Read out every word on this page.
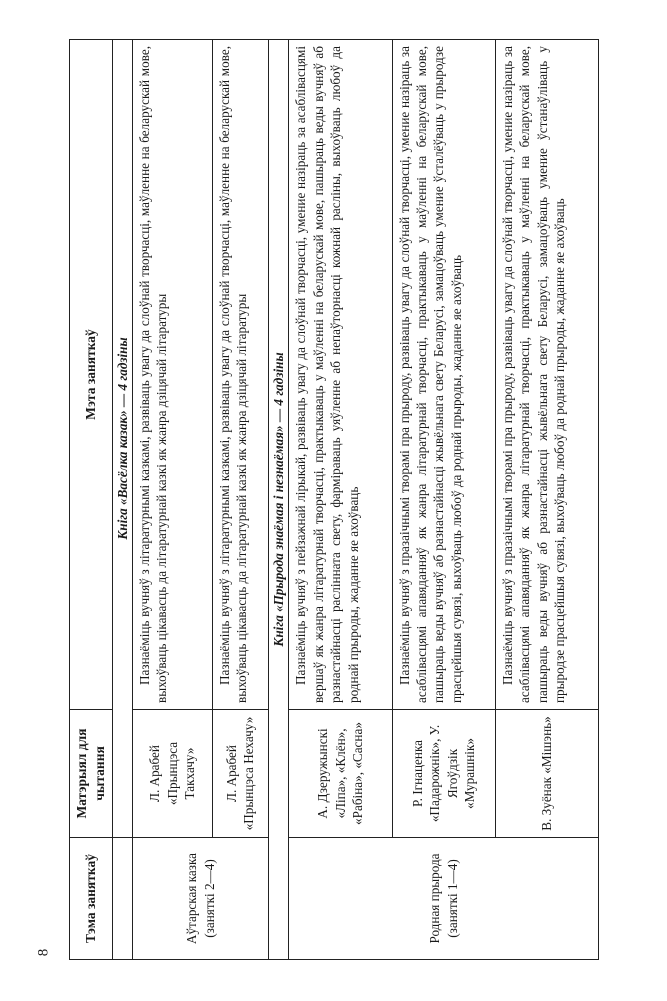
8
Тэма заняткаў	Матэрыял для чытання	Мэта заняткаў
	Кніга «Васёлка казак» — 4 гадзіны	
Аўтарская казка (заняткі 2—4)	Л. Арабей «Прынцэса Такхачу»	Пазнаёміць вучняў з літаратурнымі казкамі, развіваць увагу да слоўнай творчасці, маўленне на беларускай мове, выхоўваць цікавасць да літаратурнай казкі як жанра дзіцячай літаратуры
	Л. Арабей «Прынцэса Нехачу»	Пазнаёміць вучняў з літаратурнымі казкамі, развіваць увагу да слоўнай творчасці, маўленне на беларускай мове, выхоўваць цікавасць да літаратурнай казкі як жанра дзіцячай літаратуры
Кніга «Прырода знаёмая і незнаёмая» — 4 гадзіны		
Родная прырода (заняткі 1—4)	А. Дзеружынскі «Ліпа», «Клён», «Рабіна», «Сасна»	Пазнаёміць вучняў з пейзажнай лірыкай, развіваць увагу да слоўнай творчасці, умение назіраць за асаблівасцямі вершаў як жанра літаратурнай творчасці, практыкаваць у маўленні на беларускай мове, пашыраць веды вучняў аб разнастайнасці раслінната свету, фарміраваць уяўленне аб непаўторнасці кожнай расліны, выхоўваць любоў да роднай прыроды, жаданне яе ахоўваць
	Р. Ігнаценка «Падарожнік», У. Ягоўдзік «Мурашнік»	Пазнаёміць вучняў з празаічнымі творамі пра прыроду, развіваць увагу да слоўнай творчасці, умение назіраць за асаблівасцямі апавяданняў як жанра літаратурнай творчасці, практыкаваць у маўленні на беларускай мове, пашыраць веды вучняў аб разнастайнасці жывёльнага свету Беларусі, замацоўваць умение ўсталёўваць у прыродзе прасцейшыя сувязі, выхоўваць любоў да роднай прыроды, жаданне яе ахоўваць
	В. Зуёнак «Мішэнь»	Пазнаёміць вучняў з празаічнымі творамі пра прыроду, развіваць увагу да слоўнай творчасці, умение назіраць за асаблівасцямі апавяданняў як жанра літаратурнай творчасці, практыкаваць у маўленні на беларускай мове, пашыраць веды вучняў аб разнастайнасці жывёльнага свету Беларусі, замацоўваць умение ўстанаўліваць у прыродзе прасцейшыя сувязі, выхоўваць любоў да роднай прыроды, жаданне яе ахоўваць
